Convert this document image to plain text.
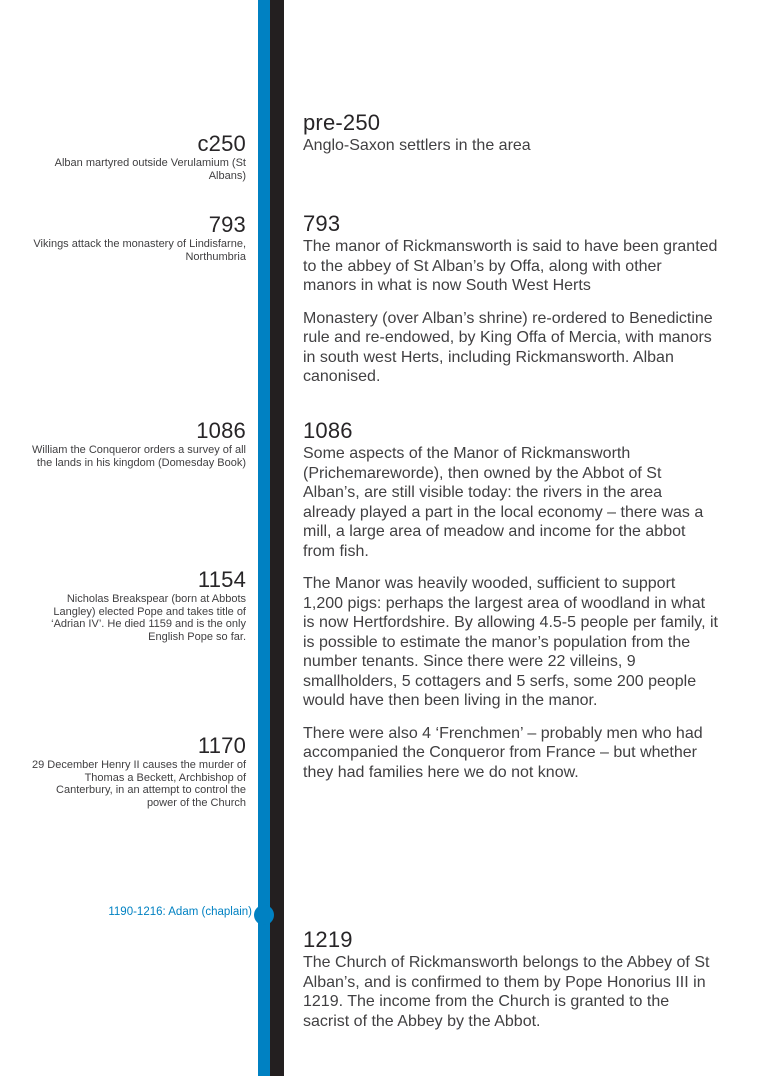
c250
Alban martyred outside Verulamium (St Albans)
793
Vikings attack the monastery of Lindisfarne, Northumbria
1086
William the Conqueror orders a survey of all the lands in his kingdom (Domesday Book)
1154
Nicholas Breakspear (born at Abbots Langley) elected Pope and takes title of ‘Adrian IV’. He died 1159 and is the only English Pope so far.
1170
29 December Henry II causes the murder of Thomas a Beckett, Archbishop of Canterbury, in an attempt to control the power of the Church
1190-1216: Adam (chaplain)
pre-250

Anglo-Saxon settlers in the area

793

The manor of Rickmansworth is said to have been granted to the abbey of St Alban’s by Offa, along with other manors in what is now South West Herts

Monastery (over Alban’s shrine) re-ordered to Benedictine rule and re-endowed, by King Offa of Mercia, with manors in south west Herts, including Rickmansworth. Alban canonised.

1086

Some aspects of the Manor of Rickmansworth (Prichemareworde), then owned by the Abbot of St Alban’s, are still visible today: the rivers in the area already played a part in the local economy – there was a mill, a large area of meadow and income for the abbot from fish.

The Manor was heavily wooded, sufficient to support 1,200 pigs: perhaps the largest area of woodland in what is now Hertfordshire. By allowing 4.5-5 people per family, it is possible to estimate the manor’s population from the number tenants. Since there were 22 villeins, 9 smallholders, 5 cottagers and 5 serfs, some 200 people would have then been living in the manor.

There were also 4 ‘Frenchmen’ – probably men who had accompanied the Conqueror from France – but whether they had families here we do not know.

1219

The Church of Rickmansworth belongs to the Abbey of St Alban’s, and is confirmed to them by Pope Honorius III in 1219. The income from the Church is granted to the sacrist of the Abbey by the Abbot.
